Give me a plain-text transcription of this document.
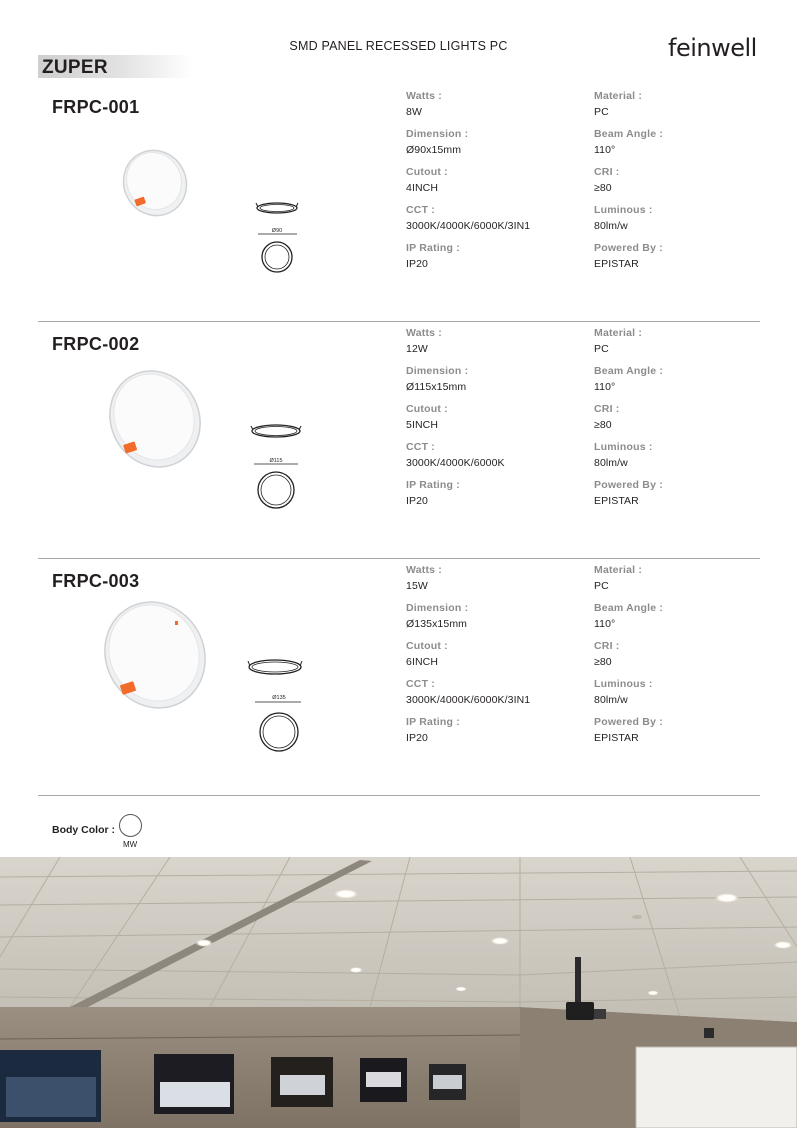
SMD PANEL RECESSED LIGHTS PC	feinwell
ZUPER
FRPC-001
Ø90
Watts :
8W
Material :
PC
Dimension :
Ø90x15mm
Beam Angle :
110°
Cutout :
4INCH
CRI :
≥80
CCT :
3000K/4000K/6000K/3IN1
Luminous :
80lm/w
IP Rating :
IP20
Powered By :
EPISTAR
FRPC-002
Ø115
Watts :
12W
Material :
PC
Dimension :
Ø115x15mm
Beam Angle :
110°
Cutout :
5INCH
CRI :
≥80
CCT :
3000K/4000K/6000K
Luminous :
80lm/w
IP Rating :
IP20
Powered By :
EPISTAR
FRPC-003
Ø135
Watts :
15W
Material :
PC
Dimension :
Ø135x15mm
Beam Angle :
110°
Cutout :
6INCH
CRI :
≥80
CCT :
3000K/4000K/6000K/3IN1
Luminous :
80lm/w
IP Rating :
IP20
Powered By :
EPISTAR
Body Color :
MW
